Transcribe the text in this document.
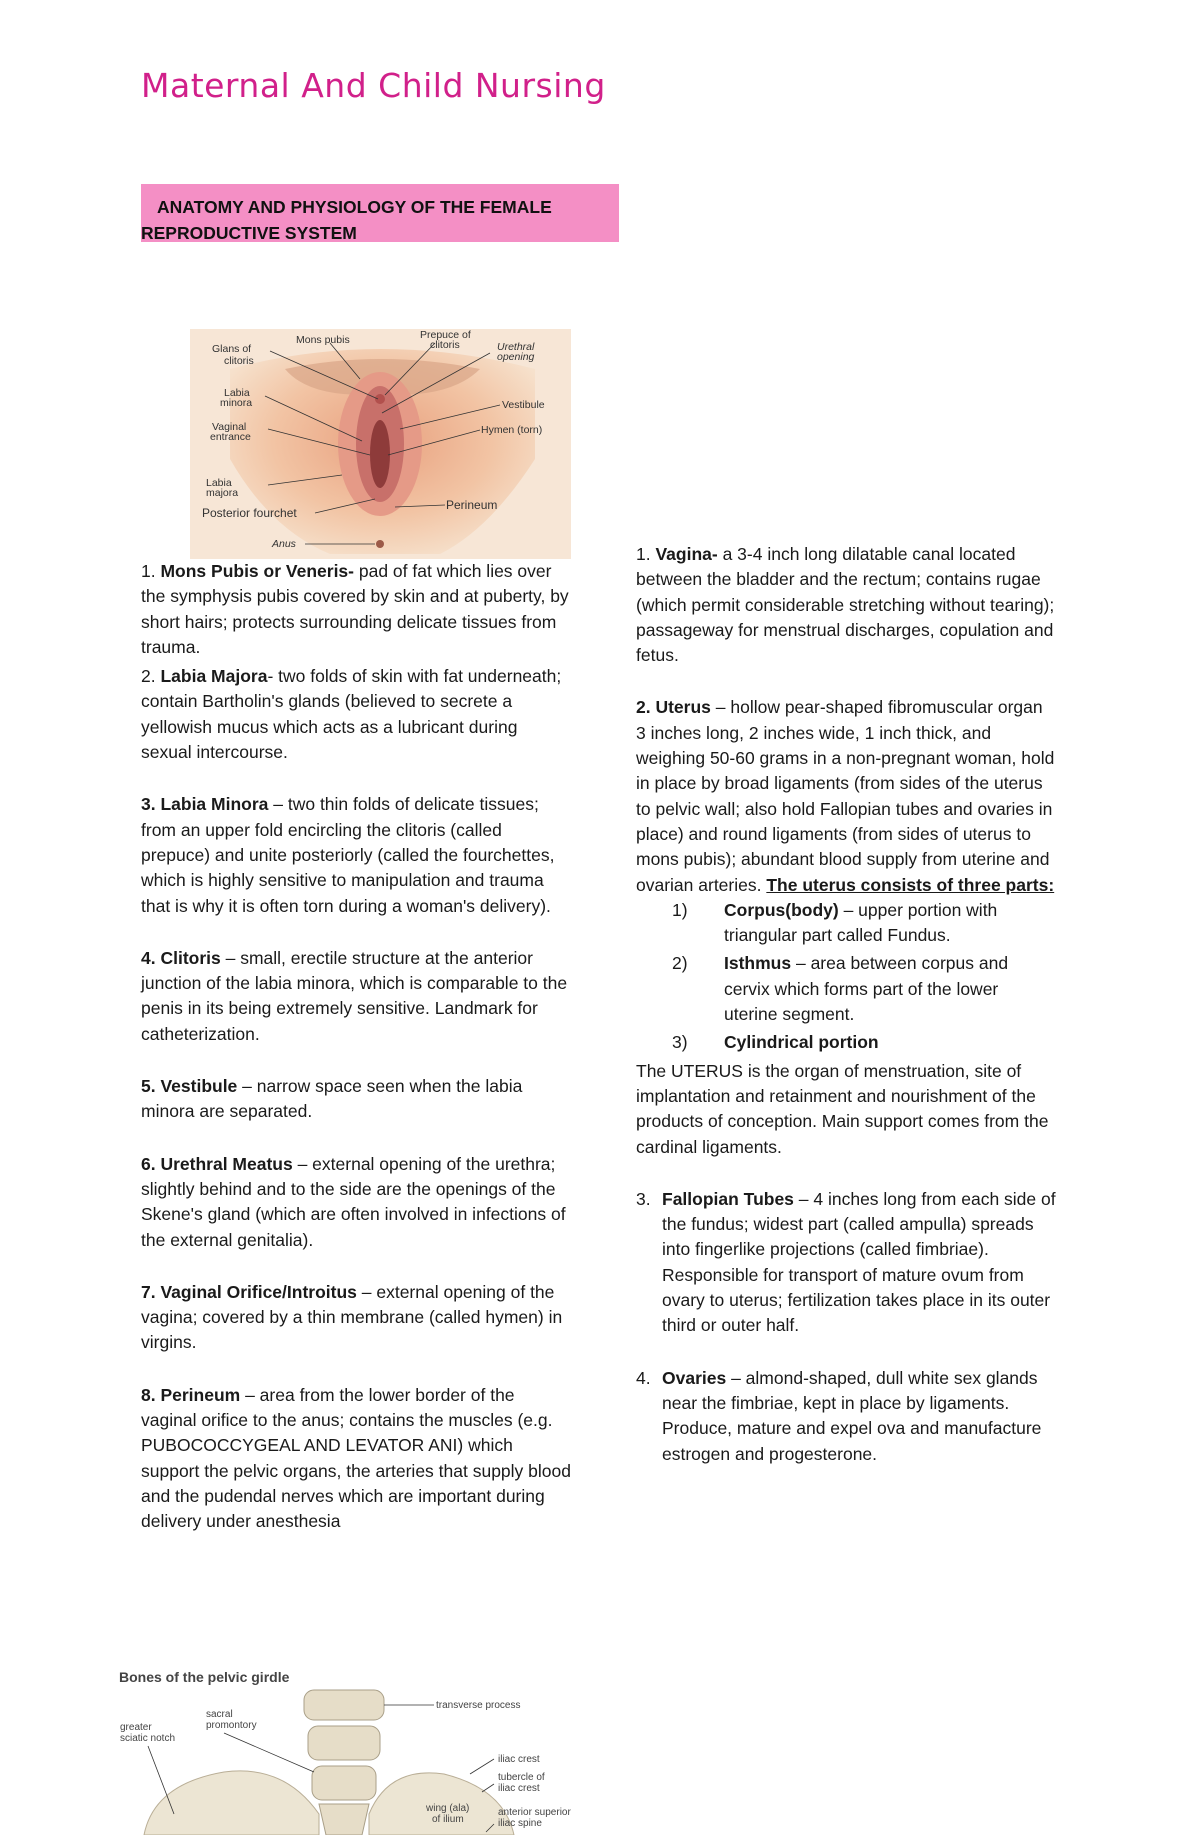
Maternal And Child Nursing
ANATOMY AND PHYSIOLOGY OF THE FEMALE
REPRODUCTIVE SYSTEM
Glans of
clitoris
Mons pubis	Prepuce of
clitoris	Urethral
opening
Labia
minora	Vestibule
Vaginal
entrance
Hymen (torn)
Labia
majora
Perineum
Posterior fourchet
Anus

1. Mons Pubis or Veneris- pad of fat which lies over the symphysis pubis covered by skin and at puberty, by short hairs; protects surrounding delicate tissues from trauma.

2. Labia Majora- two folds of skin with fat underneath; contain Bartholin's glands (believed to secrete a yellowish mucus which acts as a lubricant during sexual intercourse.

3. Labia Minora – two thin folds of delicate tissues; from an upper fold encircling the clitoris (called prepuce) and unite posteriorly (called the fourchettes, which is highly sensitive to manipulation and trauma that is why it is often torn during a woman's delivery).

4. Clitoris – small, erectile structure at the anterior junction of the labia minora, which is comparable to the penis in its being extremely sensitive. Landmark for catheterization.

5. Vestibule – narrow space seen when the labia minora are separated.

6. Urethral Meatus – external opening of the urethra; slightly behind and to the side are the openings of the Skene's gland (which are often involved in infections of the external genitalia).

7. Vaginal Orifice/Introitus – external opening of the vagina; covered by a thin membrane (called hymen) in virgins.

8. Perineum – area from the lower border of the vaginal orifice to the anus; contains the muscles (e.g. PUBOCOCCYGEAL AND LEVATOR ANI) which support the pelvic organs, the arteries that supply blood and the pudendal nerves which are important during delivery under anesthesia

1. Vagina- a 3-4 inch long dilatable canal located between the bladder and the rectum; contains rugae (which permit considerable stretching without tearing); passageway for menstrual discharges, copulation and fetus.

2. Uterus – hollow pear-shaped fibromuscular organ 3 inches long, 2 inches wide, 1 inch thick, and weighing 50-60 grams in a non-pregnant woman, hold in place by broad ligaments (from sides of the uterus to pelvic wall; also hold Fallopian tubes and ovaries in place) and round ligaments (from sides of uterus to mons pubis); abundant blood supply from uterine and ovarian arteries. The uterus consists of three parts:

1)	Corpus(body) – upper portion with triangular part called Fundus.
2)	Isthmus – area between corpus and cervix which forms part of the lower uterine segment.
3)	Cylindrical portion

The UTERUS is the organ of menstruation, site of implantation and retainment and nourishment of the products of conception. Main support comes from the cardinal ligaments.

3. Fallopian Tubes – 4 inches long from each side of the fundus; widest part (called ampulla) spreads into fingerlike projections (called fimbriae). Responsible for transport of mature ovum from ovary to uterus; fertilization takes place in its outer third or outer half.
4. Ovaries – almond-shaped, dull white sex glands near the fimbriae, kept in place by ligaments. Produce, mature and expel ova and manufacture estrogen and progesterone.
Bones of the pelvic girdle
sacral
promontory
greater
sciatic notch
transverse process
iliac crest
tubercle of
iliac crest
wing (ala)
of ilium
anterior superior
iliac spine
